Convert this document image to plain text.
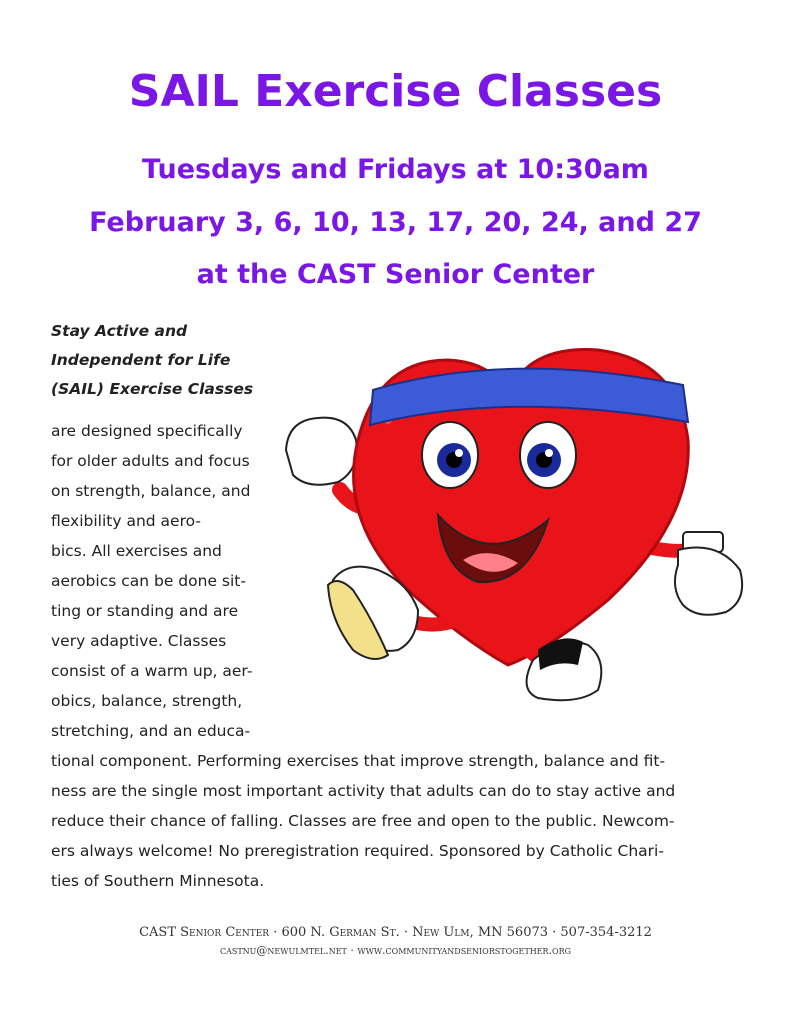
SAIL Exercise Classes
Tuesdays and Fridays at 10:30am
February 3, 6, 10, 13, 17, 20, 24, and 27
at the CAST Senior Center
Stay Active and
Independent for Life
(SAIL) Exercise Classes
are designed specifically
for older adults and focus
on strength, balance, and
flexibility and aero-
bics. All exercises and
aerobics can be done sit-
ting or standing and are
very adaptive. Classes
consist of a warm up, aer-
obics, balance, strength,
stretching, and an educa-
tional component. Performing exercises that improve strength, balance and fit-
ness are the single most important activity that adults can do to stay active and
reduce their chance of falling. Classes are free and open to the public. Newcom-
ers always welcome! No preregistration required. Sponsored by Catholic Chari-
ties of Southern Minnesota.
CAST Senior Center · 600 N. German St. · New Ulm, MN 56073 · 507-354-3212
castnu@newulmtel.net · www.communityandseniorstogether.org
